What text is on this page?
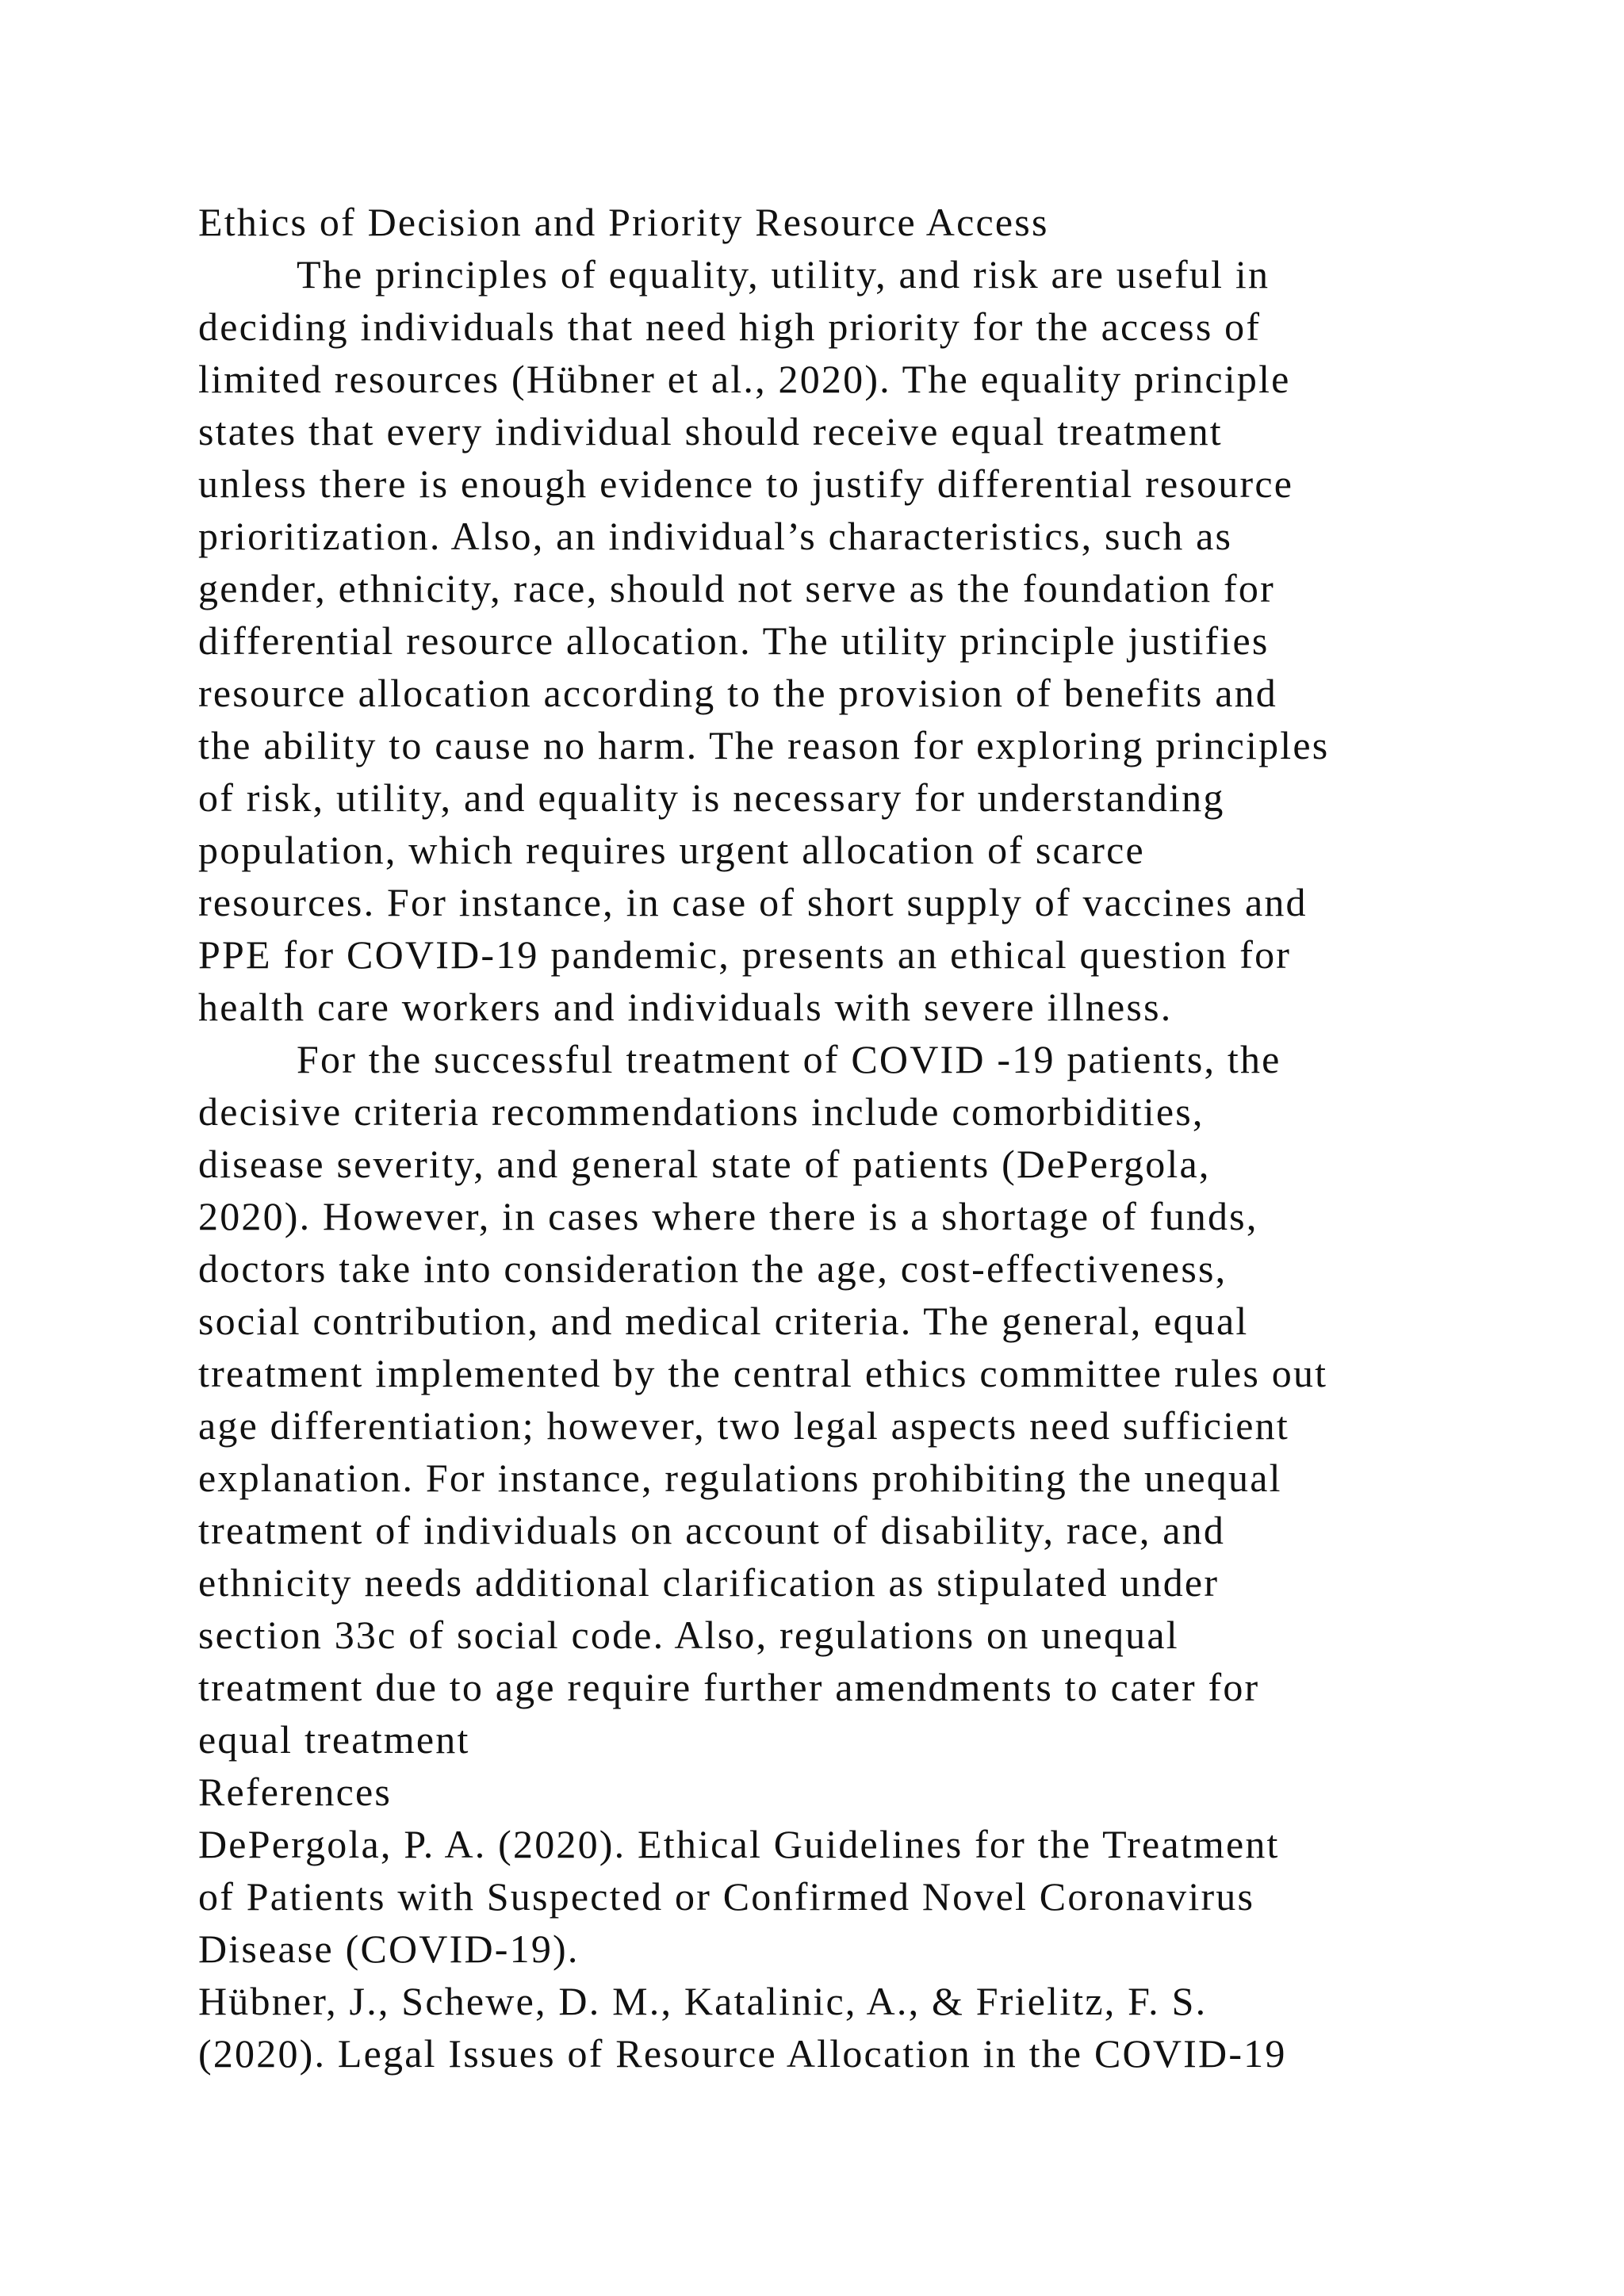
Ethics of Decision and Priority Resource Access

The principles of equality, utility, and risk are useful in

deciding individuals that need high priority for the access of

limited resources (Hübner et al., 2020). The equality principle

states that every individual should receive equal treatment

unless there is enough evidence to justify differential resource

prioritization. Also, an individual’s characteristics, such as

gender, ethnicity, race, should not serve as the foundation for

differential resource allocation. The utility principle justifies

resource allocation according to the provision of benefits and

the ability to cause no harm. The reason for exploring principles

of risk, utility, and equality is necessary for understanding

population, which requires urgent allocation of scarce

resources. For instance, in case of short supply of vaccines and

PPE for COVID-19 pandemic, presents an ethical question for

health care workers and individuals with severe illness.

For the successful treatment of COVID -19 patients, the

decisive criteria recommendations include comorbidities,

disease severity, and general state of patients (DePergola,

2020). However, in cases where there is a shortage of funds,

doctors take into consideration the age, cost-effectiveness,

social contribution, and medical criteria. The general, equal

treatment implemented by the central ethics committee rules out

age differentiation; however, two legal aspects need sufficient

explanation. For instance, regulations prohibiting the unequal

treatment of individuals on account of disability, race, and

ethnicity needs additional clarification as stipulated under

section 33c of social code. Also, regulations on unequal

treatment due to age require further amendments to cater for

equal treatment

References

DePergola, P. A. (2020). Ethical Guidelines for the Treatment

of Patients with Suspected or Confirmed Novel Coronavirus

Disease (COVID-19).

Hübner, J., Schewe, D. M., Katalinic, A., & Frielitz, F. S.

(2020). Legal Issues of Resource Allocation in the COVID-19
